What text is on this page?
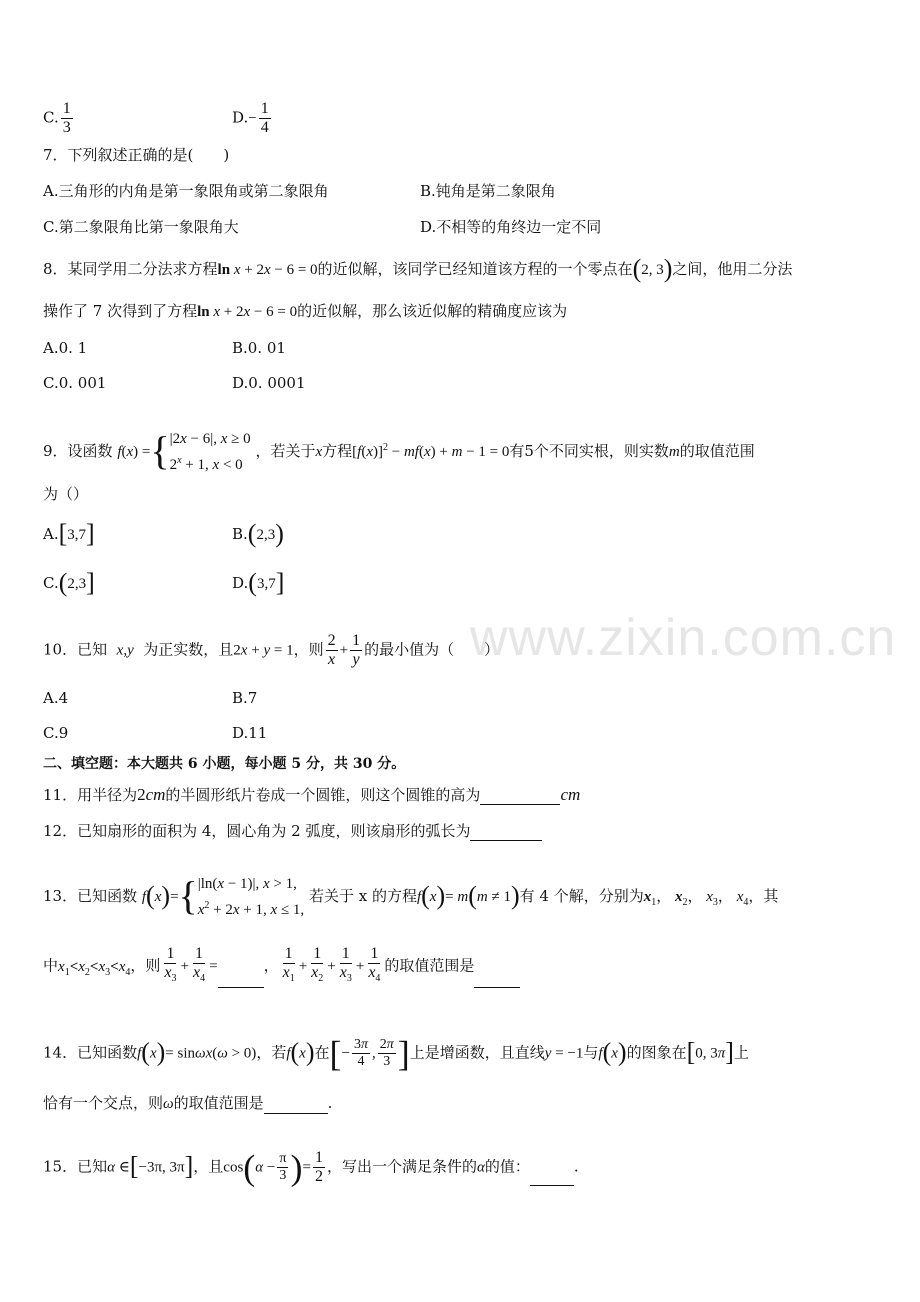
www.zixin.com.cn
C. $\frac{1}{3}$	$D.- \frac{1}{4}$
7．下列叙述正确的是(　　)
A.三角形的内角是第一象限角或第二象限角	B.钝角是第二象限角
C.第二象限角比第一象限角大	D.不相等的角终边一定不同
8．某同学用二分法求方程ln x + 2x − 6 = 0的近似解，该同学已经知道该方程的一个零点在(2, 3)之间，他用二分法
操作了 7 次得到了方程ln x + 2x − 6 = 0的近似解，那么该近似解的精确度应该为
A.0. 1	B.0. 01
C.0. 001	D.0. 0001
9．设函数 f(x) ={ |2x − 6|, x ≥ 0
$2^x + 1$, x < 0
，若关于x方程$[f(x)]^2 - mf(x) + m - 1 = 0$有5个不同实根，则实数m的取值范围
为（）
A.[3,7]	B.(2,3)
C.(2,3]	D.(3,7]
10．已知 x,y 为正实数，且2x + y = 1，则 $\frac{2}{x} + \frac{1}{y}$ 的最小值为（　　）
A.4	B.7
C.9	D.11
二、填空题：本大题共 6 小题，每小题 5 分，共 30 分。
11．用半径为2cm的半圆形纸片卷成一个圆锥，则这个圆锥的高为	cm
12．已知扇形的面积为 4，圆心角为 2 弧度，则该扇形的弧长为
13．已知函数 f(x)={ |ln(x − 1)|, x > 1,
$x^2 + 2x + 1$, x ≤ 1,
若关于 x 的方程f(x)= m(m ≠ 1)有 4 个解，分别为$x_1$， $x_2$， $x_3$， $x_4$，其
中$x_1<x_2<x_3<x_4$，则 $\frac{1}{x_3} + \frac{1}{x_4}$ =	， $\frac{1}{x_1} + \frac{1}{x_2} + \frac{1}{x_3} + \frac{1}{x_4}$ 的取值范围是
14．已知函数f(x)= sinωx(ω > 0)，若f(x)在[− $\frac{3\pi}{4}$ , $\frac{2\pi}{3}$ ]上是增函数，且直线y = −1与f(x)的图象在[0, 3π]上
恰有一个交点，则ω的取值范围是	.
15．已知α ∈[−3π, 3π]，且$\cos(\alpha - \frac{\pi}{3}$ )= $\frac{1}{2}$ ，写出一个满足条件的α的值：	.
